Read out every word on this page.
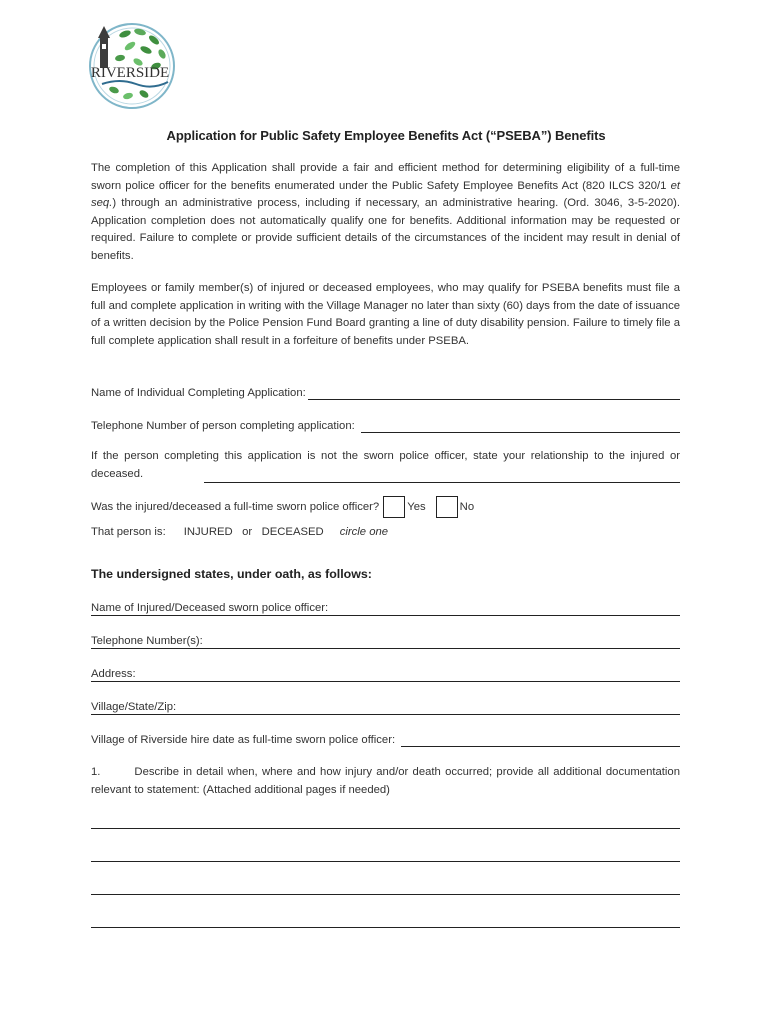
RIVERSIDE
Application for Public Safety Employee Benefits Act (“PSEBA”) Benefits
The completion of this Application shall provide a fair and efficient method for determining eligibility of a full-time sworn police officer for the benefits enumerated under the Public Safety Employee Benefits Act (820 ILCS 320/1 et seq.) through an administrative process, including if necessary, an administrative hearing. (Ord. 3046, 3-5-2020). Application completion does not automatically qualify one for benefits. Additional information may be requested or required. Failure to complete or provide sufficient details of the circumstances of the incident may result in denial of benefits.
Employees or family member(s) of injured or deceased employees, who may qualify for PSEBA benefits must file a full and complete application in writing with the Village Manager no later than sixty (60) days from the date of issuance of a written decision by the Police Pension Fund Board granting a line of duty disability pension. Failure to timely file a full complete application shall result in a forfeiture of benefits under PSEBA.
Name of Individual Completing Application:
Telephone Number of person completing application:
If the person completing this application is not the sworn police officer, state your relationship to the injured or deceased.
Was the injured/deceased a full-time sworn police officer? Yes	No
That person is: INJURED   or   DECEASED circle one
The undersigned states, under oath, as follows:
Name of Injured/Deceased sworn police officer:
Telephone Number(s):
Address:
Village/State/Zip:
Village of Riverside hire date as full-time sworn police officer:
1.	Describe in detail when, where and how injury and/or death occurred; provide all additional documentation relevant to statement: (Attached additional pages if needed)
